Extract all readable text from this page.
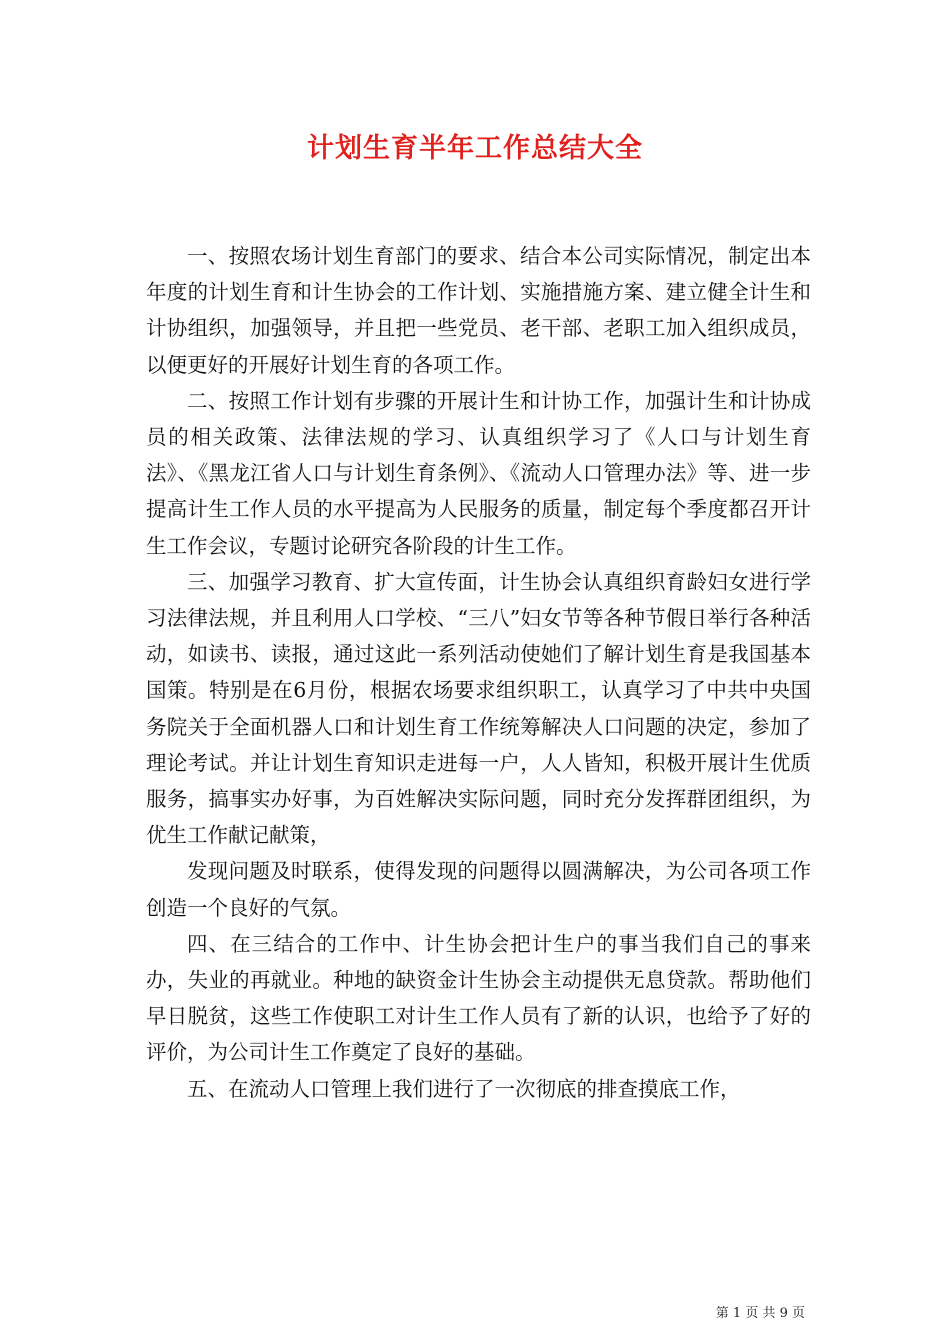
计划生育半年工作总结大全

一、按照农场计划生育部门的要求、结合本公司实际情况，制定出本年度的计划生育和计生协会的工作计划、实施措施方案、建立健全计生和计协组织，加强领导，并且把一些党员、老干部、老职工加入组织成员，以便更好的开展好计划生育的各项工作。

二、按照工作计划有步骤的开展计生和计协工作，加强计生和计协成员的相关政策、法律法规的学习、认真组织学习了《人口与计划生育法》、《黑龙江省人口与计划生育条例》、《流动人口管理办法》等、进一步提高计生工作人员的水平提高为人民服务的质量，制定每个季度都召开计生工作会议，专题讨论研究各阶段的计生工作。

三、加强学习教育、扩大宣传面，计生协会认真组织育龄妇女进行学习法律法规，并且利用人口学校、“三八”妇女节等各种节假日举行各种活动，如读书、读报，通过这此一系列活动使她们了解计划生育是我国基本国策。特别是在6月份，根据农场要求组织职工，认真学习了中共中央国务院关于全面机器人口和计划生育工作统筹解决人口问题的决定，参加了理论考试。并让计划生育知识走进每一户，人人皆知，积极开展计生优质服务，搞事实办好事，为百姓解决实际问题，同时充分发挥群团组织，为优生工作献记献策，

发现问题及时联系，使得发现的问题得以圆满解决，为公司各项工作创造一个良好的气氛。

四、在三结合的工作中、计生协会把计生户的事当我们自己的事来办，失业的再就业。种地的缺资金计生协会主动提供无息贷款。帮助他们早日脱贫，这些工作使职工对计生工作人员有了新的认识，也给予了好的评价，为公司计生工作奠定了良好的基础。

五、在流动人口管理上我们进行了一次彻底的排查摸底工作，

第 1 页 共 9 页
